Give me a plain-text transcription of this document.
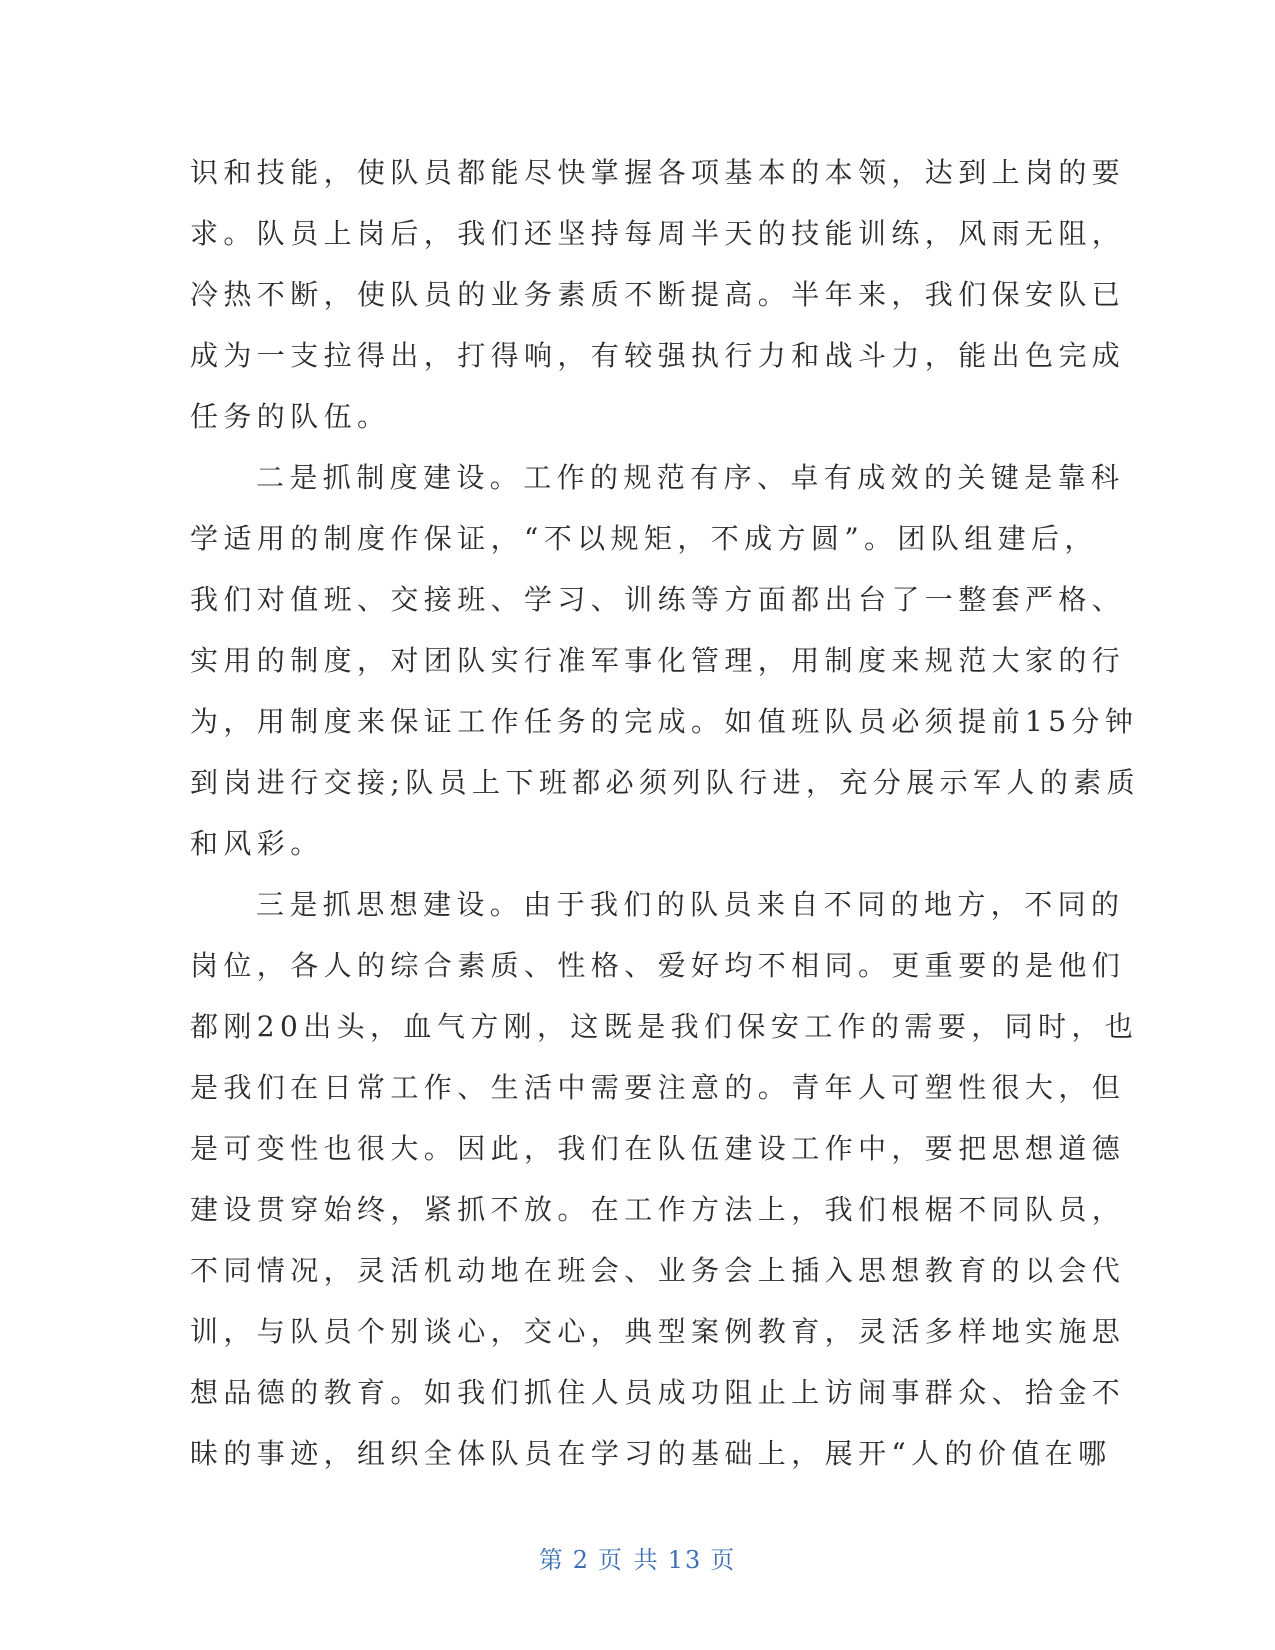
识和技能，使队员都能尽快掌握各项基本的本领，达到上岗的要
求。队员上岗后，我们还坚持每周半天的技能训练，风雨无阻，
冷热不断，使队员的业务素质不断提高。半年来，我们保安队已
成为一支拉得出，打得响，有较强执行力和战斗力，能出色完成
任务的队伍。
二是抓制度建设。工作的规范有序、卓有成效的关键是靠科
学适用的制度作保证，“不以规矩，不成方圆”。团队组建后，
我们对值班、交接班、学习、训练等方面都出台了一整套严格、
实用的制度，对团队实行准军事化管理，用制度来规范大家的行
为，用制度来保证工作任务的完成。如值班队员必须提前15分钟
到岗进行交接;队员上下班都必须列队行进，充分展示军人的素质
和风彩。
三是抓思想建设。由于我们的队员来自不同的地方，不同的
岗位，各人的综合素质、性格、爱好均不相同。更重要的是他们
都刚20出头，血气方刚，这既是我们保安工作的需要，同时，也
是我们在日常工作、生活中需要注意的。青年人可塑性很大，但
是可变性也很大。因此，我们在队伍建设工作中，要把思想道德
建设贯穿始终，紧抓不放。在工作方法上，我们根椐不同队员，
不同情况，灵活机动地在班会、业务会上插入思想教育的以会代
训，与队员个别谈心，交心，典型案例教育，灵活多样地实施思
想品德的教育。如我们抓住人员成功阻止上访闹事群众、拾金不
昧的事迹，组织全体队员在学习的基础上，展开“人的价值在哪
第 2 页 共 13 页
